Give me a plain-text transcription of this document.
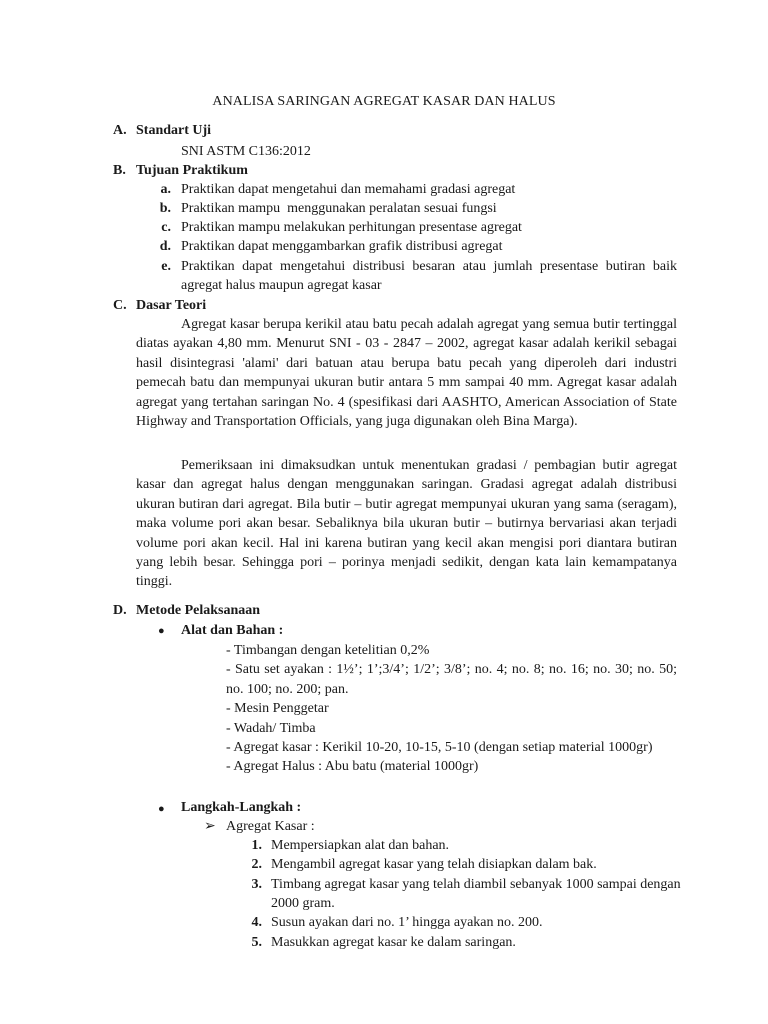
ANALISA SARINGAN AGREGAT KASAR DAN HALUS
A. Standart Uji
SNI ASTM C136:2012
B. Tujuan Praktikum
a. Praktikan dapat mengetahui dan memahami gradasi agregat
b. Praktikan mampu  menggunakan peralatan sesuai fungsi
c. Praktikan mampu melakukan perhitungan presentase agregat
d. Praktikan dapat menggambarkan grafik distribusi agregat
e. Praktikan dapat mengetahui distribusi besaran atau jumlah presentase butiran baik agregat halus maupun agregat kasar
C. Dasar Teori
Agregat kasar berupa kerikil atau batu pecah adalah agregat yang semua butir tertinggal diatas ayakan 4,80 mm. Menurut SNI - 03 - 2847 – 2002, agregat kasar adalah kerikil sebagai hasil disintegrasi 'alami' dari batuan atau berupa batu pecah yang diperoleh dari industri pemecah batu dan mempunyai ukuran butir antara 5 mm sampai 40 mm. Agregat kasar adalah agregat yang tertahan saringan No. 4 (spesifikasi dari AASHTO, American Association of State Highway and Transportation Officials, yang juga digunakan oleh Bina Marga).
Pemeriksaan ini dimaksudkan untuk menentukan gradasi / pembagian butir agregat kasar dan agregat halus dengan menggunakan saringan. Gradasi agregat adalah distribusi ukuran butiran dari agregat. Bila butir – butir agregat mempunyai ukuran yang sama (seragam), maka volume pori akan besar. Sebaliknya bila ukuran butir – butirnya bervariasi akan terjadi volume pori akan kecil. Hal ini karena butiran yang kecil akan mengisi pori diantara butiran yang lebih besar. Sehingga pori – porinya menjadi sedikit, dengan kata lain kemampatanya tinggi.
D. Metode Pelaksanaan
● Alat dan Bahan :
- Timbangan dengan ketelitian 0,2%
- Satu set ayakan : 1½’; 1’;3/4’; 1/2’; 3/8’; no. 4; no. 8; no. 16; no. 30; no. 50; no. 100; no. 200; pan.
- Mesin Penggetar
- Wadah/ Timba
- Agregat kasar : Kerikil 10-20, 10-15, 5-10 (dengan setiap material 1000gr)
- Agregat Halus : Abu batu (material 1000gr)
● Langkah-Langkah :
➢ Agregat Kasar :
1. Mempersiapkan alat dan bahan.
2. Mengambil agregat kasar yang telah disiapkan dalam bak.
3. Timbang agregat kasar yang telah diambil sebanyak 1000 sampai dengan 2000 gram.
4. Susun ayakan dari no. 1’ hingga ayakan no. 200.
5. Masukkan agregat kasar ke dalam saringan.
